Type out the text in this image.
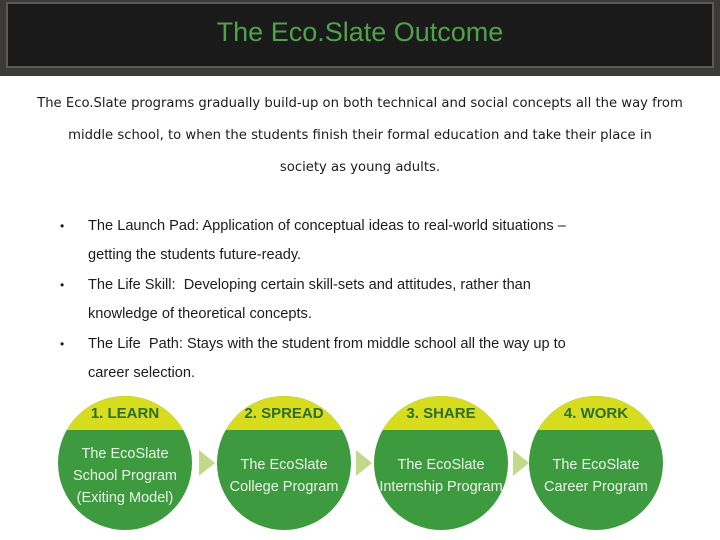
The Eco.Slate Outcome
The Eco.Slate programs gradually build-up on both technical and social concepts all the way from
middle school, to when the students finish their formal education and take their place in
society as young adults.
• The Launch Pad: Application of conceptual ideas to real-world situations –
getting the students future-ready.
• The Life Skill:  Developing certain skill-sets and attitudes, rather than
knowledge of theoretical concepts.
• The Life  Path: Stays with the student from middle school all the way up to
career selection.
1. LEARN
The EcoSlate
School Program
(Exiting Model)
2. SPREAD
The EcoSlate
College Program
3. SHARE
The EcoSlate
Internship Program
4. WORK
The EcoSlate
Career Program
